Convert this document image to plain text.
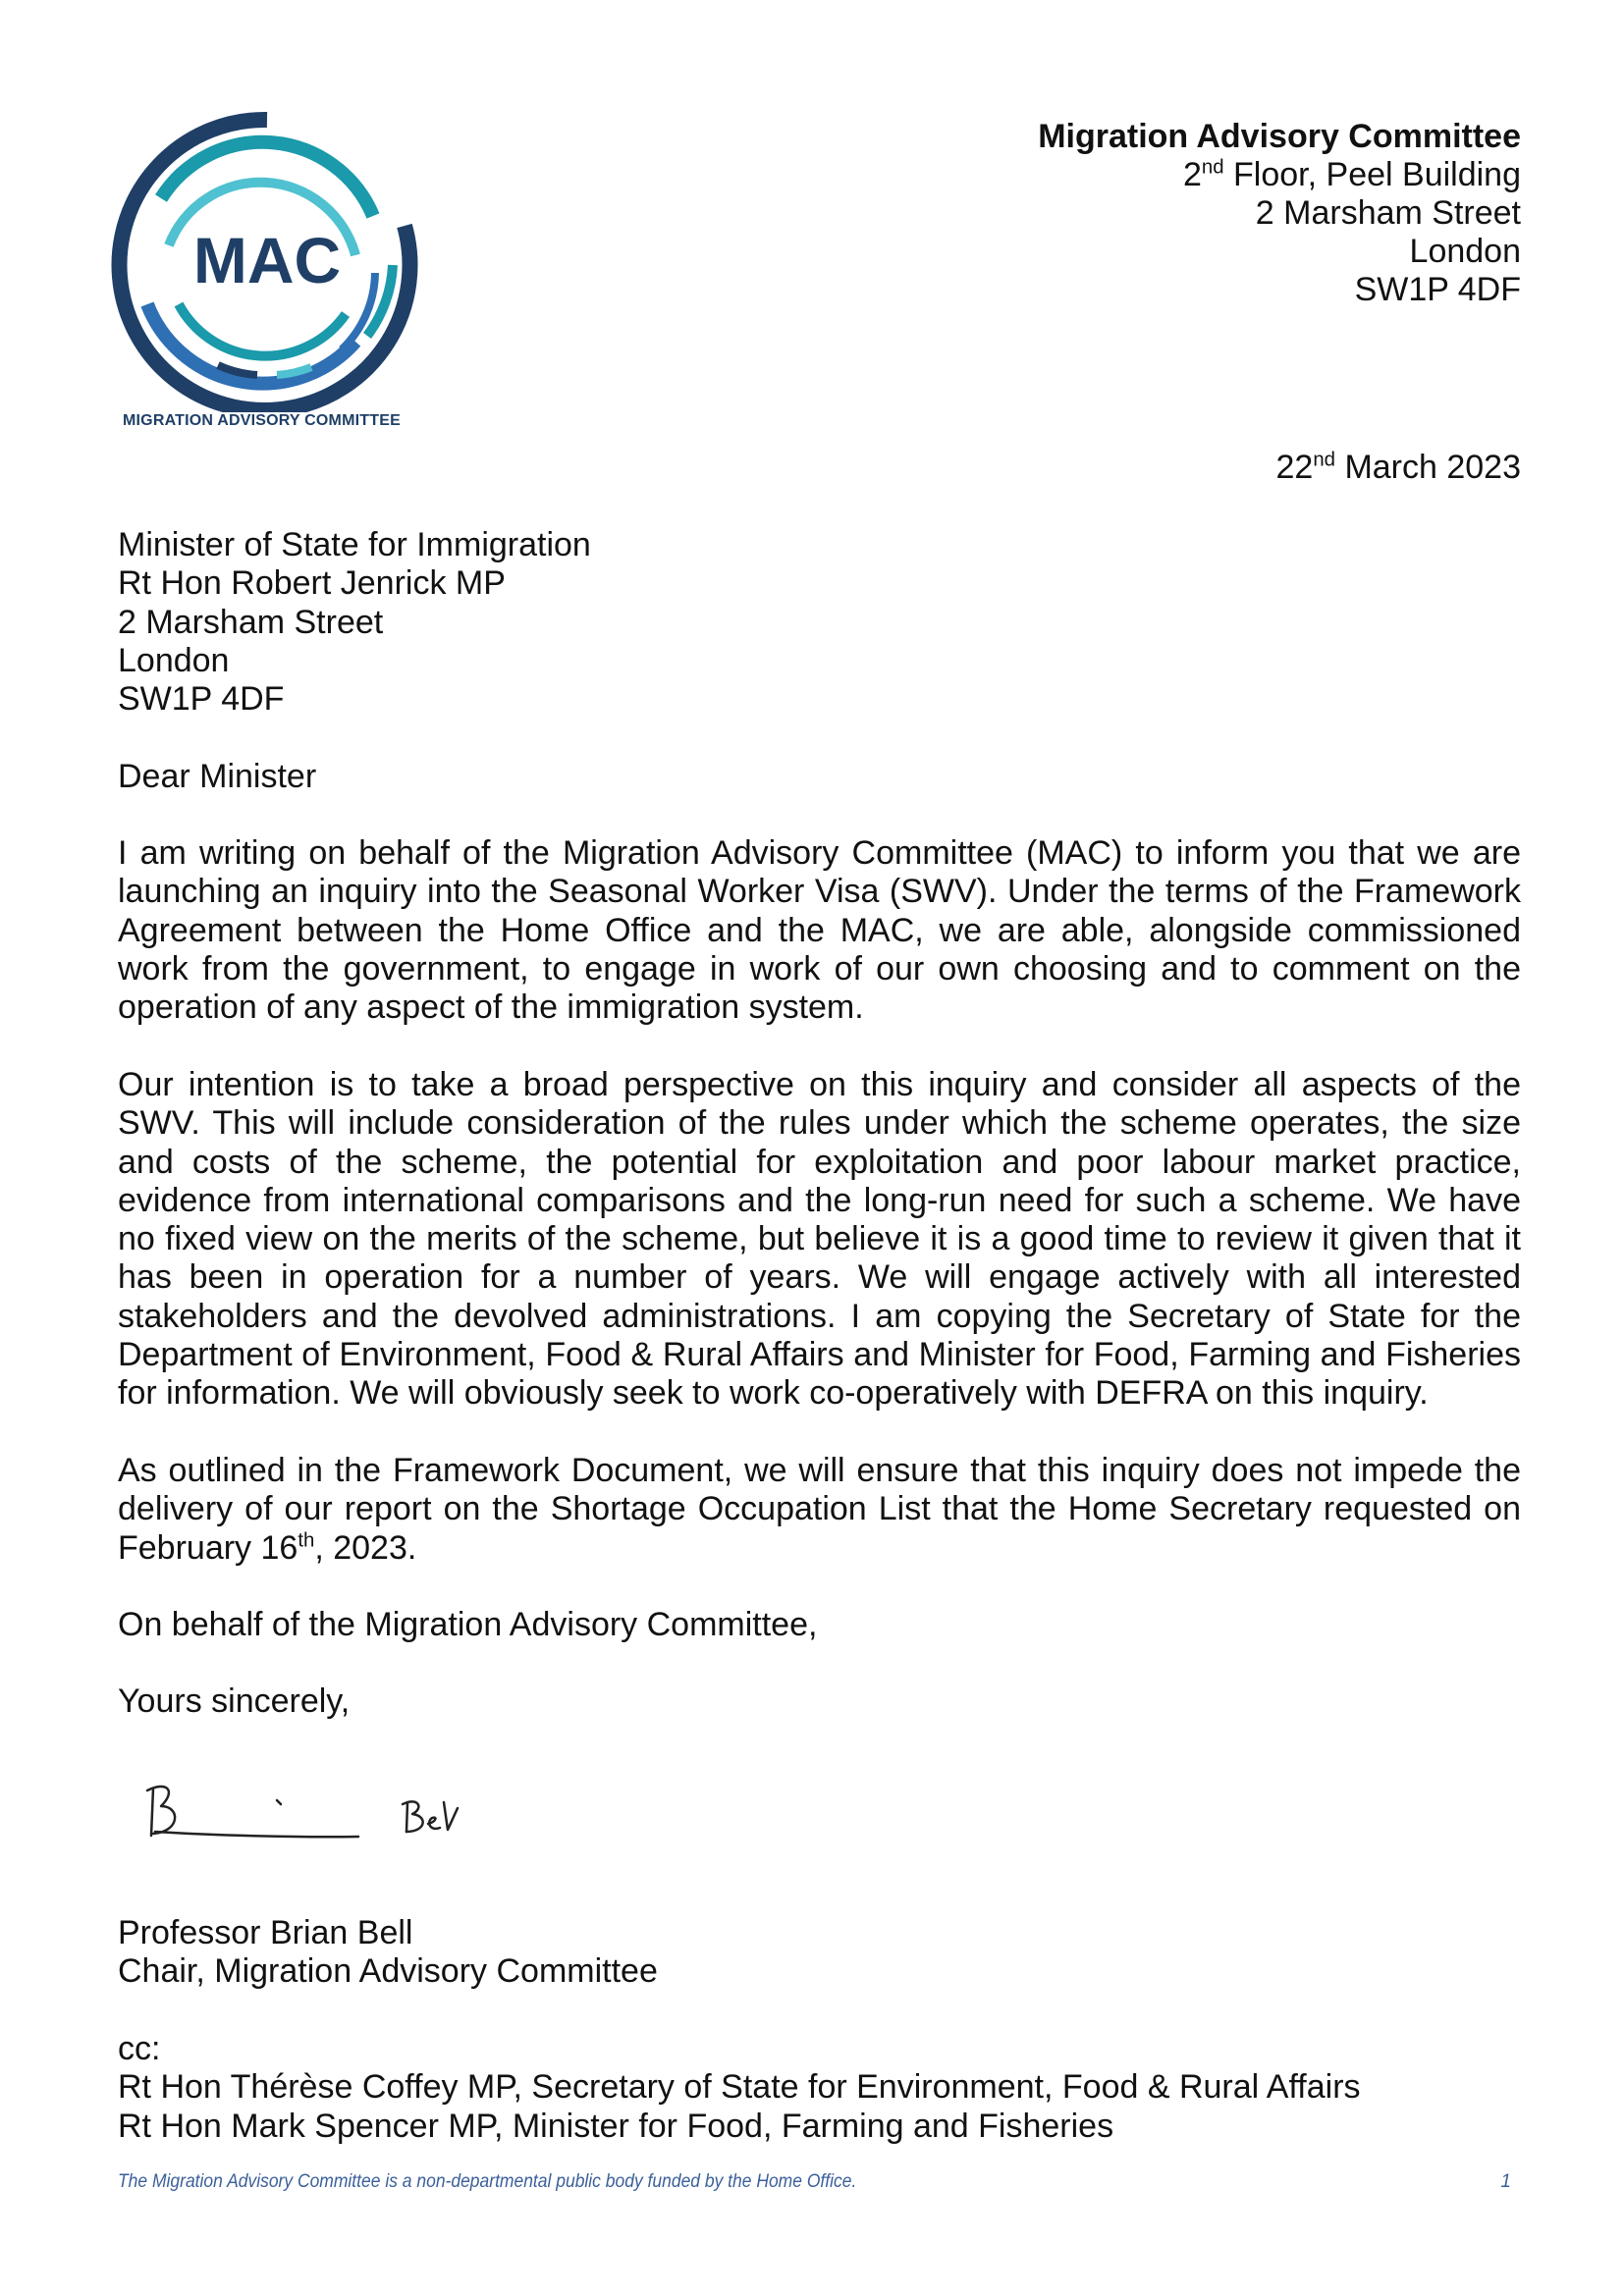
MAC
MIGRATION ADVISORY COMMITTEE
Migration Advisory Committee
2nd Floor, Peel Building
2 Marsham Street
London
SW1P 4DF
22nd March 2023
Minister of State for Immigration
Rt Hon Robert Jenrick MP
2 Marsham Street
London
SW1P 4DF
Dear Minister
I am writing on behalf of the Migration Advisory Committee (MAC) to inform you that we are launching an inquiry into the Seasonal Worker Visa (SWV). Under the terms of the Framework Agreement between the Home Office and the MAC, we are able, alongside commissioned work from the government, to engage in work of our own choosing and to comment on the operation of any aspect of the immigration system.
Our intention is to take a broad perspective on this inquiry and consider all aspects of the SWV. This will include consideration of the rules under which the scheme operates, the size and costs of the scheme, the potential for exploitation and poor labour market practice, evidence from international comparisons and the long-run need for such a scheme. We have no fixed view on the merits of the scheme, but believe it is a good time to review it given that it has been in operation for a number of years. We will engage actively with all interested stakeholders and the devolved administrations. I am copying the Secretary of State for the Department of Environment, Food & Rural Affairs and Minister for Food, Farming and Fisheries for information. We will obviously seek to work co-operatively with DEFRA on this inquiry.
As outlined in the Framework Document, we will ensure that this inquiry does not impede the delivery of our report on the Shortage Occupation List that the Home Secretary requested on February 16th, 2023.
On behalf of the Migration Advisory Committee,
Yours sincerely,
Professor Brian Bell
Chair, Migration Advisory Committee
cc:
Rt Hon Thérèse Coffey MP, Secretary of State for Environment, Food & Rural Affairs
Rt Hon Mark Spencer MP, Minister for Food, Farming and Fisheries
The Migration Advisory Committee is a non-departmental public body funded by the Home Office.	1
